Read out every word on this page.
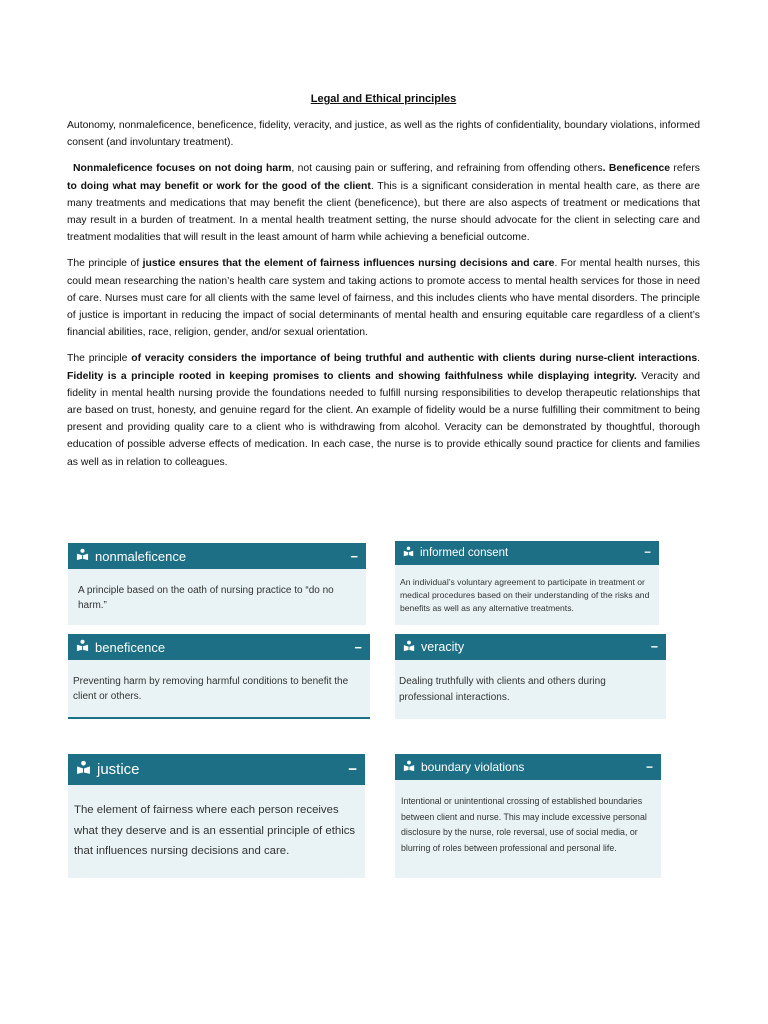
Legal and Ethical principles

Autonomy, nonmaleficence, beneficence, fidelity, veracity, and justice, as well as the rights of confidentiality, boundary violations, informed consent (and involuntary treatment).

Nonmaleficence focuses on not doing harm, not causing pain or suffering, and refraining from offending others. Beneficence refers to doing what may benefit or work for the good of the client. This is a significant consideration in mental health care, as there are many treatments and medications that may benefit the client (beneficence), but there are also aspects of treatment or medications that may result in a burden of treatment. In a mental health treatment setting, the nurse should advocate for the client in selecting care and treatment modalities that will result in the least amount of harm while achieving a beneficial outcome.

The principle of justice ensures that the element of fairness influences nursing decisions and care. For mental health nurses, this could mean researching the nation’s health care system and taking actions to promote access to mental health services for those in need of care. Nurses must care for all clients with the same level of fairness, and this includes clients who have mental disorders. The principle of justice is important in reducing the impact of social determinants of mental health and ensuring equitable care regardless of a client’s financial abilities, race, religion, gender, and/or sexual orientation.

The principle of veracity considers the importance of being truthful and authentic with clients during nurse-client interactions. Fidelity is a principle rooted in keeping promises to clients and showing faithfulness while displaying integrity. Veracity and fidelity in mental health nursing provide the foundations needed to fulfill nursing responsibilities to develop therapeutic relationships that are based on trust, honesty, and genuine regard for the client. An example of fidelity would be a nurse fulfilling their commitment to being present and providing quality care to a client who is withdrawing from alcohol. Veracity can be demonstrated by thoughtful, thorough education of possible adverse effects of medication. In each case, the nurse is to provide ethically sound practice for clients and families as well as in relation to colleagues.

nonmaleficence	−
A principle based on the oath of nursing practice to “do no harm.”
informed consent	−
An individual’s voluntary agreement to participate in treatment or medical procedures based on their understanding of the risks and benefits as well as any alternative treatments.
beneficence	−
Preventing harm by removing harmful conditions to benefit the client or others.
veracity	−
Dealing truthfully with clients and others during professional interactions.
justice	−
The element of fairness where each person receives what they deserve and is an essential principle of ethics that influences nursing decisions and care.
boundary violations	−
Intentional or unintentional crossing of established boundaries between client and nurse. This may include excessive personal disclosure by the nurse, role reversal, use of social media, or blurring of roles between professional and personal life.
